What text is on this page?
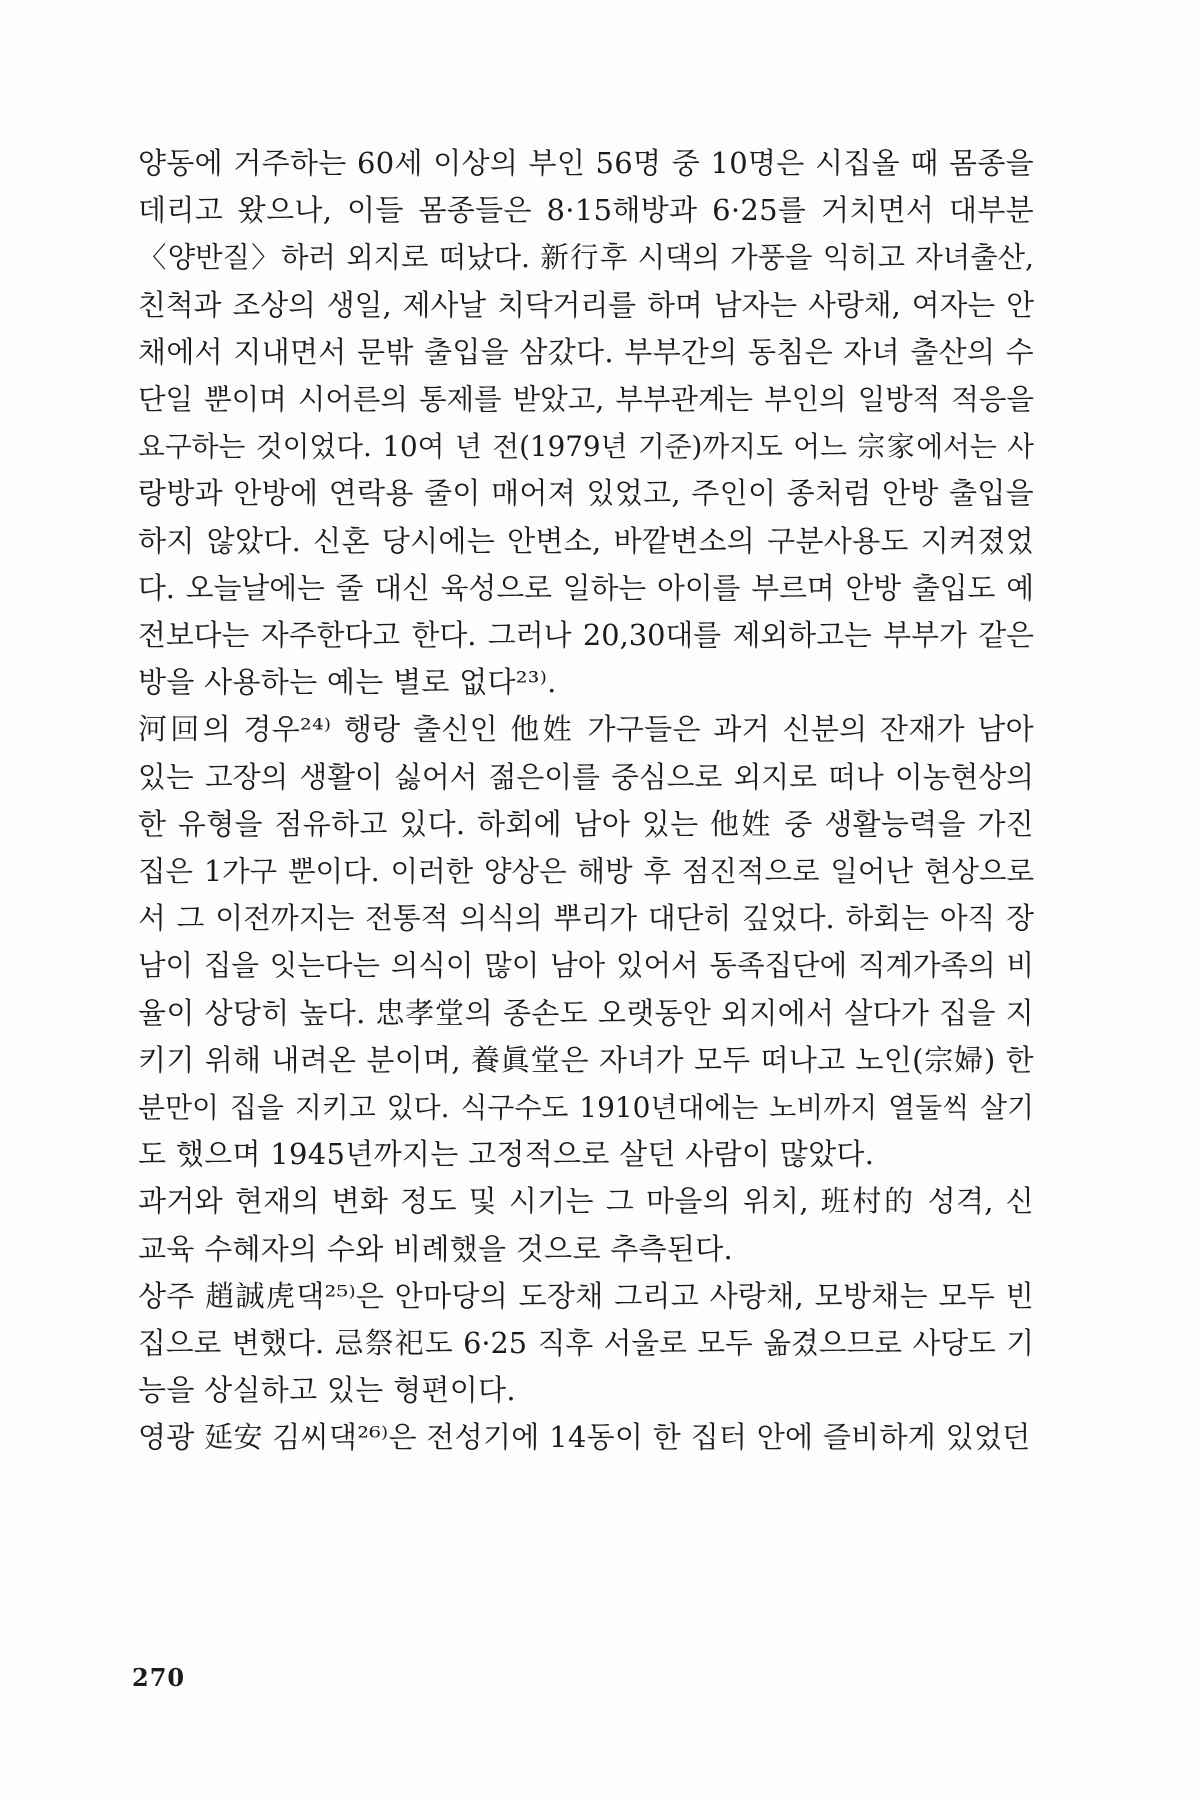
양동에 거주하는 60세 이상의 부인 56명 중 10명은 시집올 때 몸종을
데리고 왔으나, 이들 몸종들은 8·15해방과 6·25를 거치면서 대부분
〈양반질〉하러 외지로 떠났다. 新行후 시댁의 가풍을 익히고 자녀출산,
친척과 조상의 생일, 제사날 치닥거리를 하며 남자는 사랑채, 여자는 안
채에서 지내면서 문밖 출입을 삼갔다. 부부간의 동침은 자녀 출산의 수
단일 뿐이며 시어른의 통제를 받았고, 부부관계는 부인의 일방적 적응을
요구하는 것이었다. 10여 년 전(1979년 기준)까지도 어느 宗家에서는 사
랑방과 안방에 연락용 줄이 매어져 있었고, 주인이 종처럼 안방 출입을
하지 않았다. 신혼 당시에는 안변소, 바깥변소의 구분사용도 지켜졌었
다. 오늘날에는 줄 대신 육성으로 일하는 아이를 부르며 안방 출입도 예
전보다는 자주한다고 한다. 그러나 20,30대를 제외하고는 부부가 같은
방을 사용하는 예는 별로 없다²³⁾.

河回의 경우²⁴⁾ 행랑 출신인 他姓 가구들은 과거 신분의 잔재가 남아
있는 고장의 생활이 싫어서 젊은이를 중심으로 외지로 떠나 이농현상의
한 유형을 점유하고 있다. 하회에 남아 있는 他姓 중 생활능력을 가진
집은 1가구 뿐이다. 이러한 양상은 해방 후 점진적으로 일어난 현상으로
서 그 이전까지는 전통적 의식의 뿌리가 대단히 깊었다. 하회는 아직 장
남이 집을 잇는다는 의식이 많이 남아 있어서 동족집단에 직계가족의 비
율이 상당히 높다. 忠孝堂의 종손도 오랫동안 외지에서 살다가 집을 지
키기 위해 내려온 분이며, 養眞堂은 자녀가 모두 떠나고 노인(宗婦) 한
분만이 집을 지키고 있다. 식구수도 1910년대에는 노비까지 열둘씩 살기
도 했으며 1945년까지는 고정적으로 살던 사람이 많았다.

과거와 현재의 변화 정도 및 시기는 그 마을의 위치, 班村的 성격, 신
교육 수혜자의 수와 비례했을 것으로 추측된다.

상주 趙誠虎댁²⁵⁾은 안마당의 도장채 그리고 사랑채, 모방채는 모두 빈
집으로 변했다. 忌祭祀도 6·25 직후 서울로 모두 옮겼으므로 사당도 기
능을 상실하고 있는 형편이다.

영광 延安 김씨댁²⁶⁾은 전성기에 14동이 한 집터 안에 즐비하게 있었던

270
